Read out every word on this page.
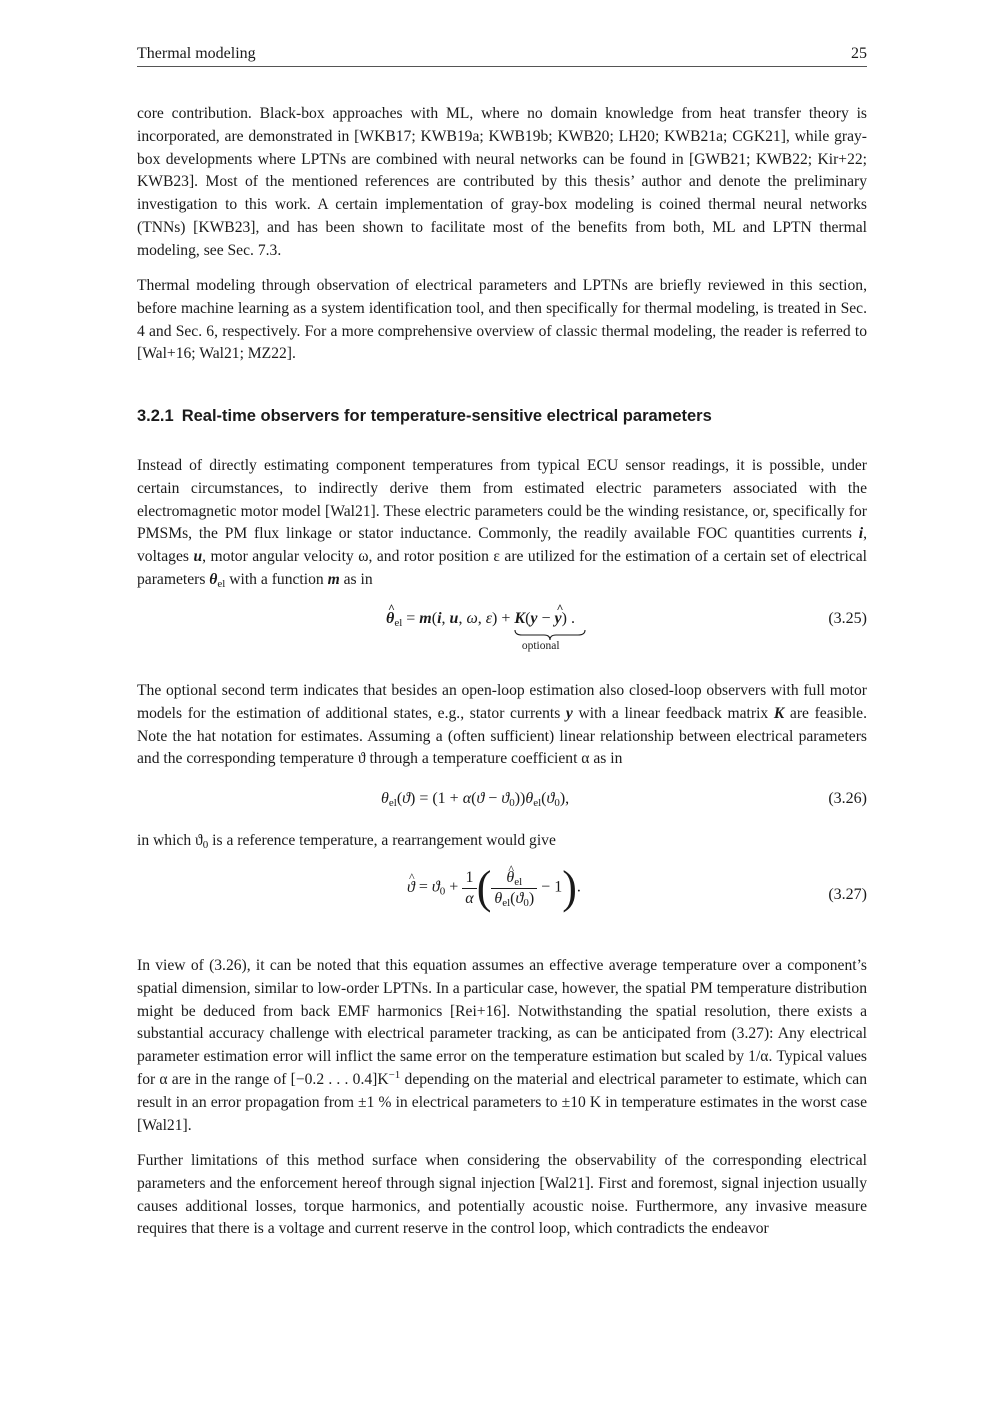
Thermal modeling	25

core contribution. Black-box approaches with ML, where no domain knowledge from heat transfer theory is incorporated, are demonstrated in [WKB17; KWB19a; KWB19b; KWB20; LH20; KWB21a; CGK21], while gray-box developments where LPTNs are combined with neural networks can be found in [GWB21; KWB22; Kir+22; KWB23]. Most of the mentioned references are contributed by this thesis’ author and denote the preliminary investigation to this work. A certain implementation of gray-box modeling is coined thermal neural networks (TNNs) [KWB23], and has been shown to facilitate most of the benefits from both, ML and LPTN thermal modeling, see Sec. 7.3.

Thermal modeling through observation of electrical parameters and LPTNs are briefly reviewed in this section, before machine learning as a system identification tool, and then specifically for thermal modeling, is treated in Sec. 4 and Sec. 6, respectively. For a more comprehensive overview of classic thermal modeling, the reader is referred to [Wal+16; Wal21; MZ22].

3.2.1 Real-time observers for temperature-sensitive electrical parameters

Instead of directly estimating component temperatures from typical ECU sensor readings, it is possible, under certain circumstances, to indirectly derive them from estimated electric parameters associated with the electromagnetic motor model [Wal21]. These electric parameters could be the winding resistance, or, specifically for PMSMs, the PM flux linkage or stator inductance. Commonly, the readily available FOC quantities currents i, voltages u, motor angular velocity ω, and rotor position ε are utilized for the estimation of a certain set of electrical parameters $\theta_{el}$ with a function m as in

^ $\theta_{el} = m(i$, u, ω, ε) + K(y − ^ y)
optional
.	(3.25)

The optional second term indicates that besides an open-loop estimation also closed-loop observers with full motor models for the estimation of additional states, e.g., stator currents y with a linear feedback matrix K are feasible. Note the hat notation for estimates. Assuming a (often sufficient) linear relationship between electrical parameters and the corresponding temperature ϑ through a temperature coefficient α as in

$\theta_{el}(ϑ) = (1 + \alpha(ϑ - ϑ_0))\theta_{el}(ϑ_0)$,	(3.26)

in which $ϑ_0$ is a reference temperature, a rearrangement would give

^ $ϑ = ϑ_0 + \frac{1}{\alpha}$ (
^ $\frac{\theta_{el}}{\theta_{el}(ϑ_0)} - 1$).	(3.27)

In view of (3.26), it can be noted that this equation assumes an effective average temperature over a component’s spatial dimension, similar to low-order LPTNs. In a particular case, however, the spatial PM temperature distribution might be deduced from back EMF harmonics [Rei+16]. Notwithstanding the spatial resolution, there exists a substantial accuracy challenge with electrical parameter tracking, as can be anticipated from (3.27): Any electrical parameter estimation error will inflict the same error on the temperature estimation but scaled by 1/α. Typical values for α are in the range of [−0.2 . . . $0.4]K^{-1}$ depending on the material and electrical parameter to estimate, which can result in an error propagation from ±1 % in electrical parameters to ±10 K in temperature estimates in the worst case [Wal21].

Further limitations of this method surface when considering the observability of the corresponding electrical parameters and the enforcement hereof through signal injection [Wal21]. First and foremost, signal injection usually causes additional losses, torque harmonics, and potentially acoustic noise. Furthermore, any invasive measure requires that there is a voltage and current reserve in the control loop, which contradicts the endeavor
